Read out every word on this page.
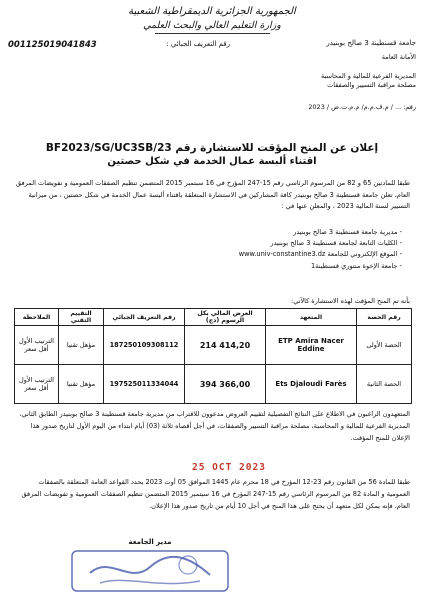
الجمهورية الجزائرية الديمقراطية الشعبية
وزارة التعليم العالي والبحث العلمي
001125019041843	رقم التعريف الجبائي :	جامعة قسنطينة 3 صالح بوبنيدر
الأمانة العامة
المديرية الفرعية للمالية و المحاسبة
مصلحة مراقبة التسيير والصفقات
رقم: ... / م.ف.م.م/ م.م.ت.ص / 2023
إعلان عن المنح المؤقت للاستشارة رقم BF2023/SG/UC3SB/23
اقتناء ألبسة عمال الخدمة في شكل حصتين
طبقا للمادتين 65 و 82 من المرسوم الرئاسي رقم 15-247 المؤرخ في 16 سبتمبر 2015 المتضمن تنظيم الصفقات العمومية و تفويضات المرفق العام، تعلن جامعة قسنطينة 3 صالح بوبنيدر كافة المشاركين في الاستشارة المتعلقة باقتناء ألبسة عمال الخدمة في شكل حصتين ، من ميزانية التسيير لسنة المالية 2023 ، والمعلن عنها في :
- مديرية جامعة قسنطينة 3 صالح بوبنيدر
- الكليات التابعة لجامعة قسنطينة 3 صالح بوبنيدر
- الموقع الإلكتروني للجامعة www.univ-constantine3.dz
- جامعة الإخوة منتوري قسنطينة1
بأنه تم المنح المؤقت لهذه الاستشارة كالآتي:
رقم الحصة	المتعهد	العرض المالي بكل الرسوم (دج)	رقم التعريف الجبائي	التقييم التقني	الملاحظة
الحصة الأولى	ETP Amira Nacer Eddine	214 414,20	187250109308112	مؤهل تقنيا	الترتيب الأول أقل سعر
الحصة الثانية	Ets Djaloudi Farès	394 366,00	197525011334044	مؤهل تقنيا	الترتيب الأول أقل سعر
المتعهدون الراغبون في الاطلاع على النتائج التفصيلية لتقييم العروض مدعوون للاقتراب من مديرية جامعة قسنطينة 3 صالح بوبنيدر الطابق الثاني، المديرية الفرعية للمالية و المحاسبة، مصلحة مراقبة التسيير والصفقات، في أجل أقصاه ثلاثة (03) أيام ابتداء من اليوم الأول لتاريخ صدور هذا الإعلان للمنح المؤقت.
25 OCT 2023
طبقا للمادة 56 من القانون رقم 23-12 المؤرخ في 18 محرم عام 1445 الموافق 05 أوت 2023 يحدد القواعد العامة المتعلقة بالصفقات العمومية و المادة 82 من المرسوم الرئاسي رقم 15-247 المؤرخ في 16 سبتمبر 2015 المتضمن تنظيم الصفقات العمومية و تفويضات المرفق العام، فإنه يمكن لكل متعهد أن يحتج على هذا المنح في أجل 10 أيام من تاريخ صدور هذا الإعلان.
مدير الجامعة
